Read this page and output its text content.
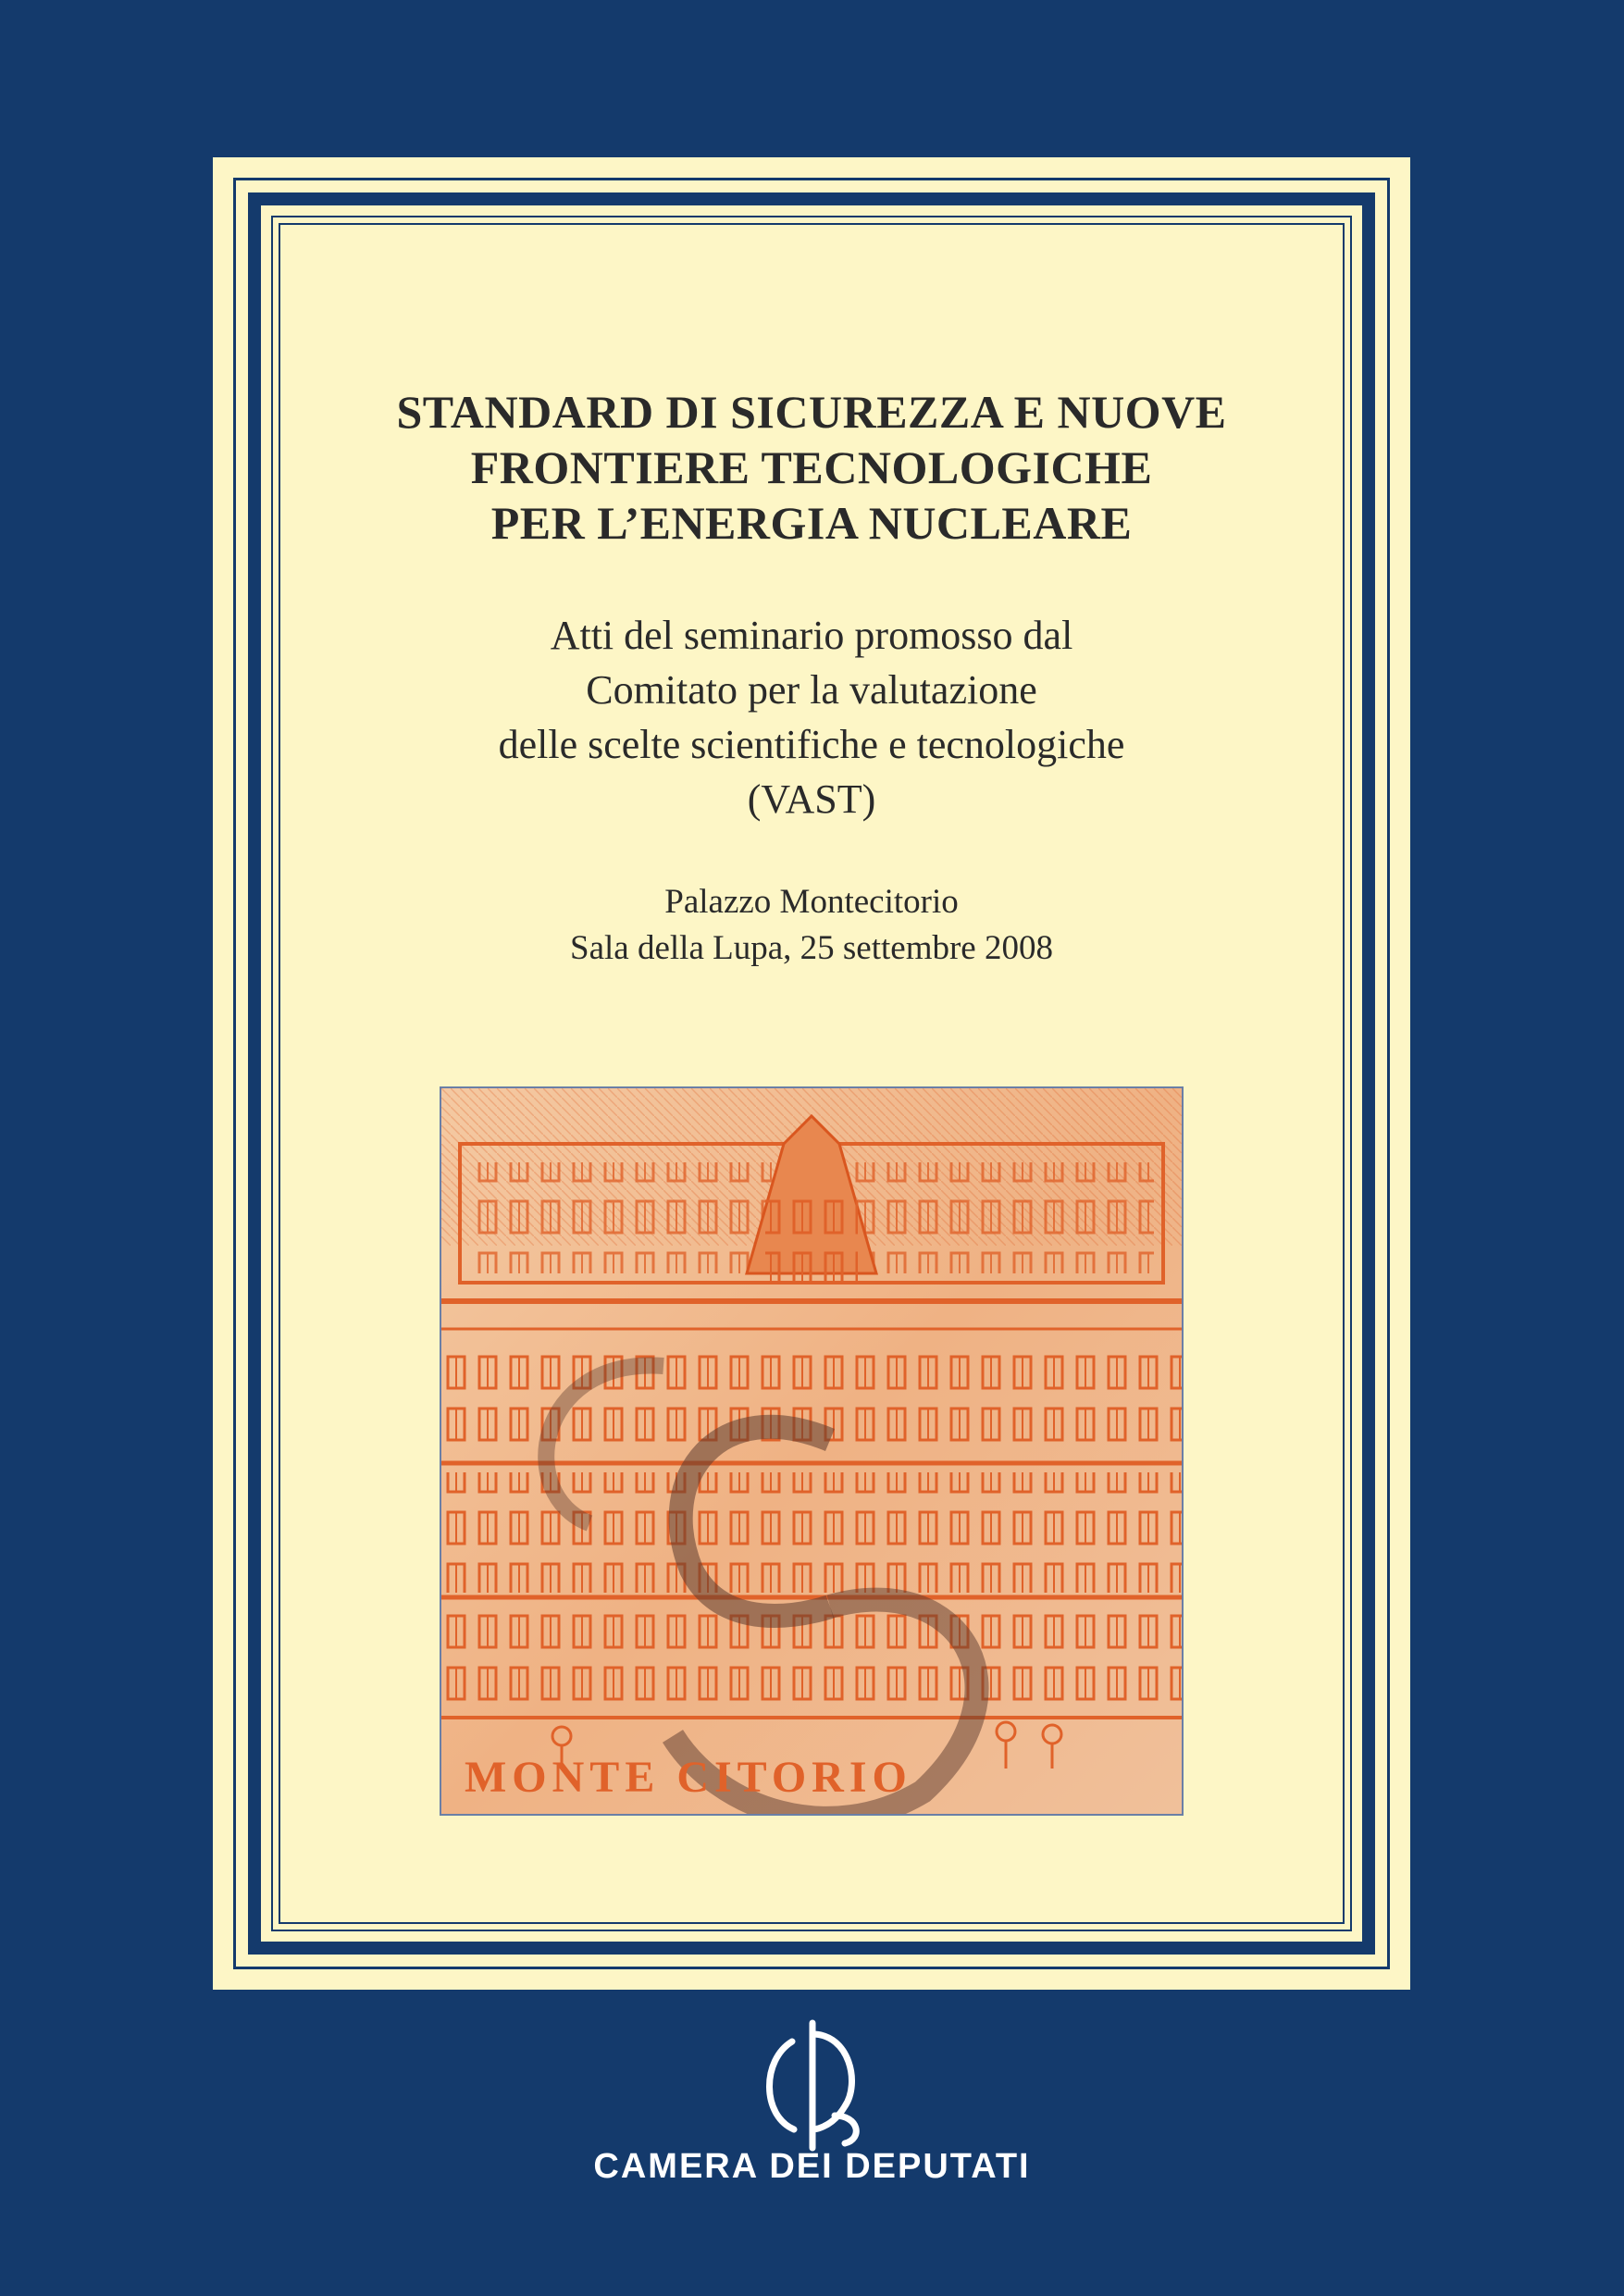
STANDARD DI SICUREZZA E NUOVE
FRONTIERE TECNOLOGICHE
PER L’ENERGIA NUCLEARE
Atti del seminario promosso dal
Comitato per la valutazione
delle scelte scientifiche e tecnologiche
(VAST)
Palazzo Montecitorio
Sala della Lupa, 25 settembre 2008
MONTE CITORIO
CAMERA DEI DEPUTATI
